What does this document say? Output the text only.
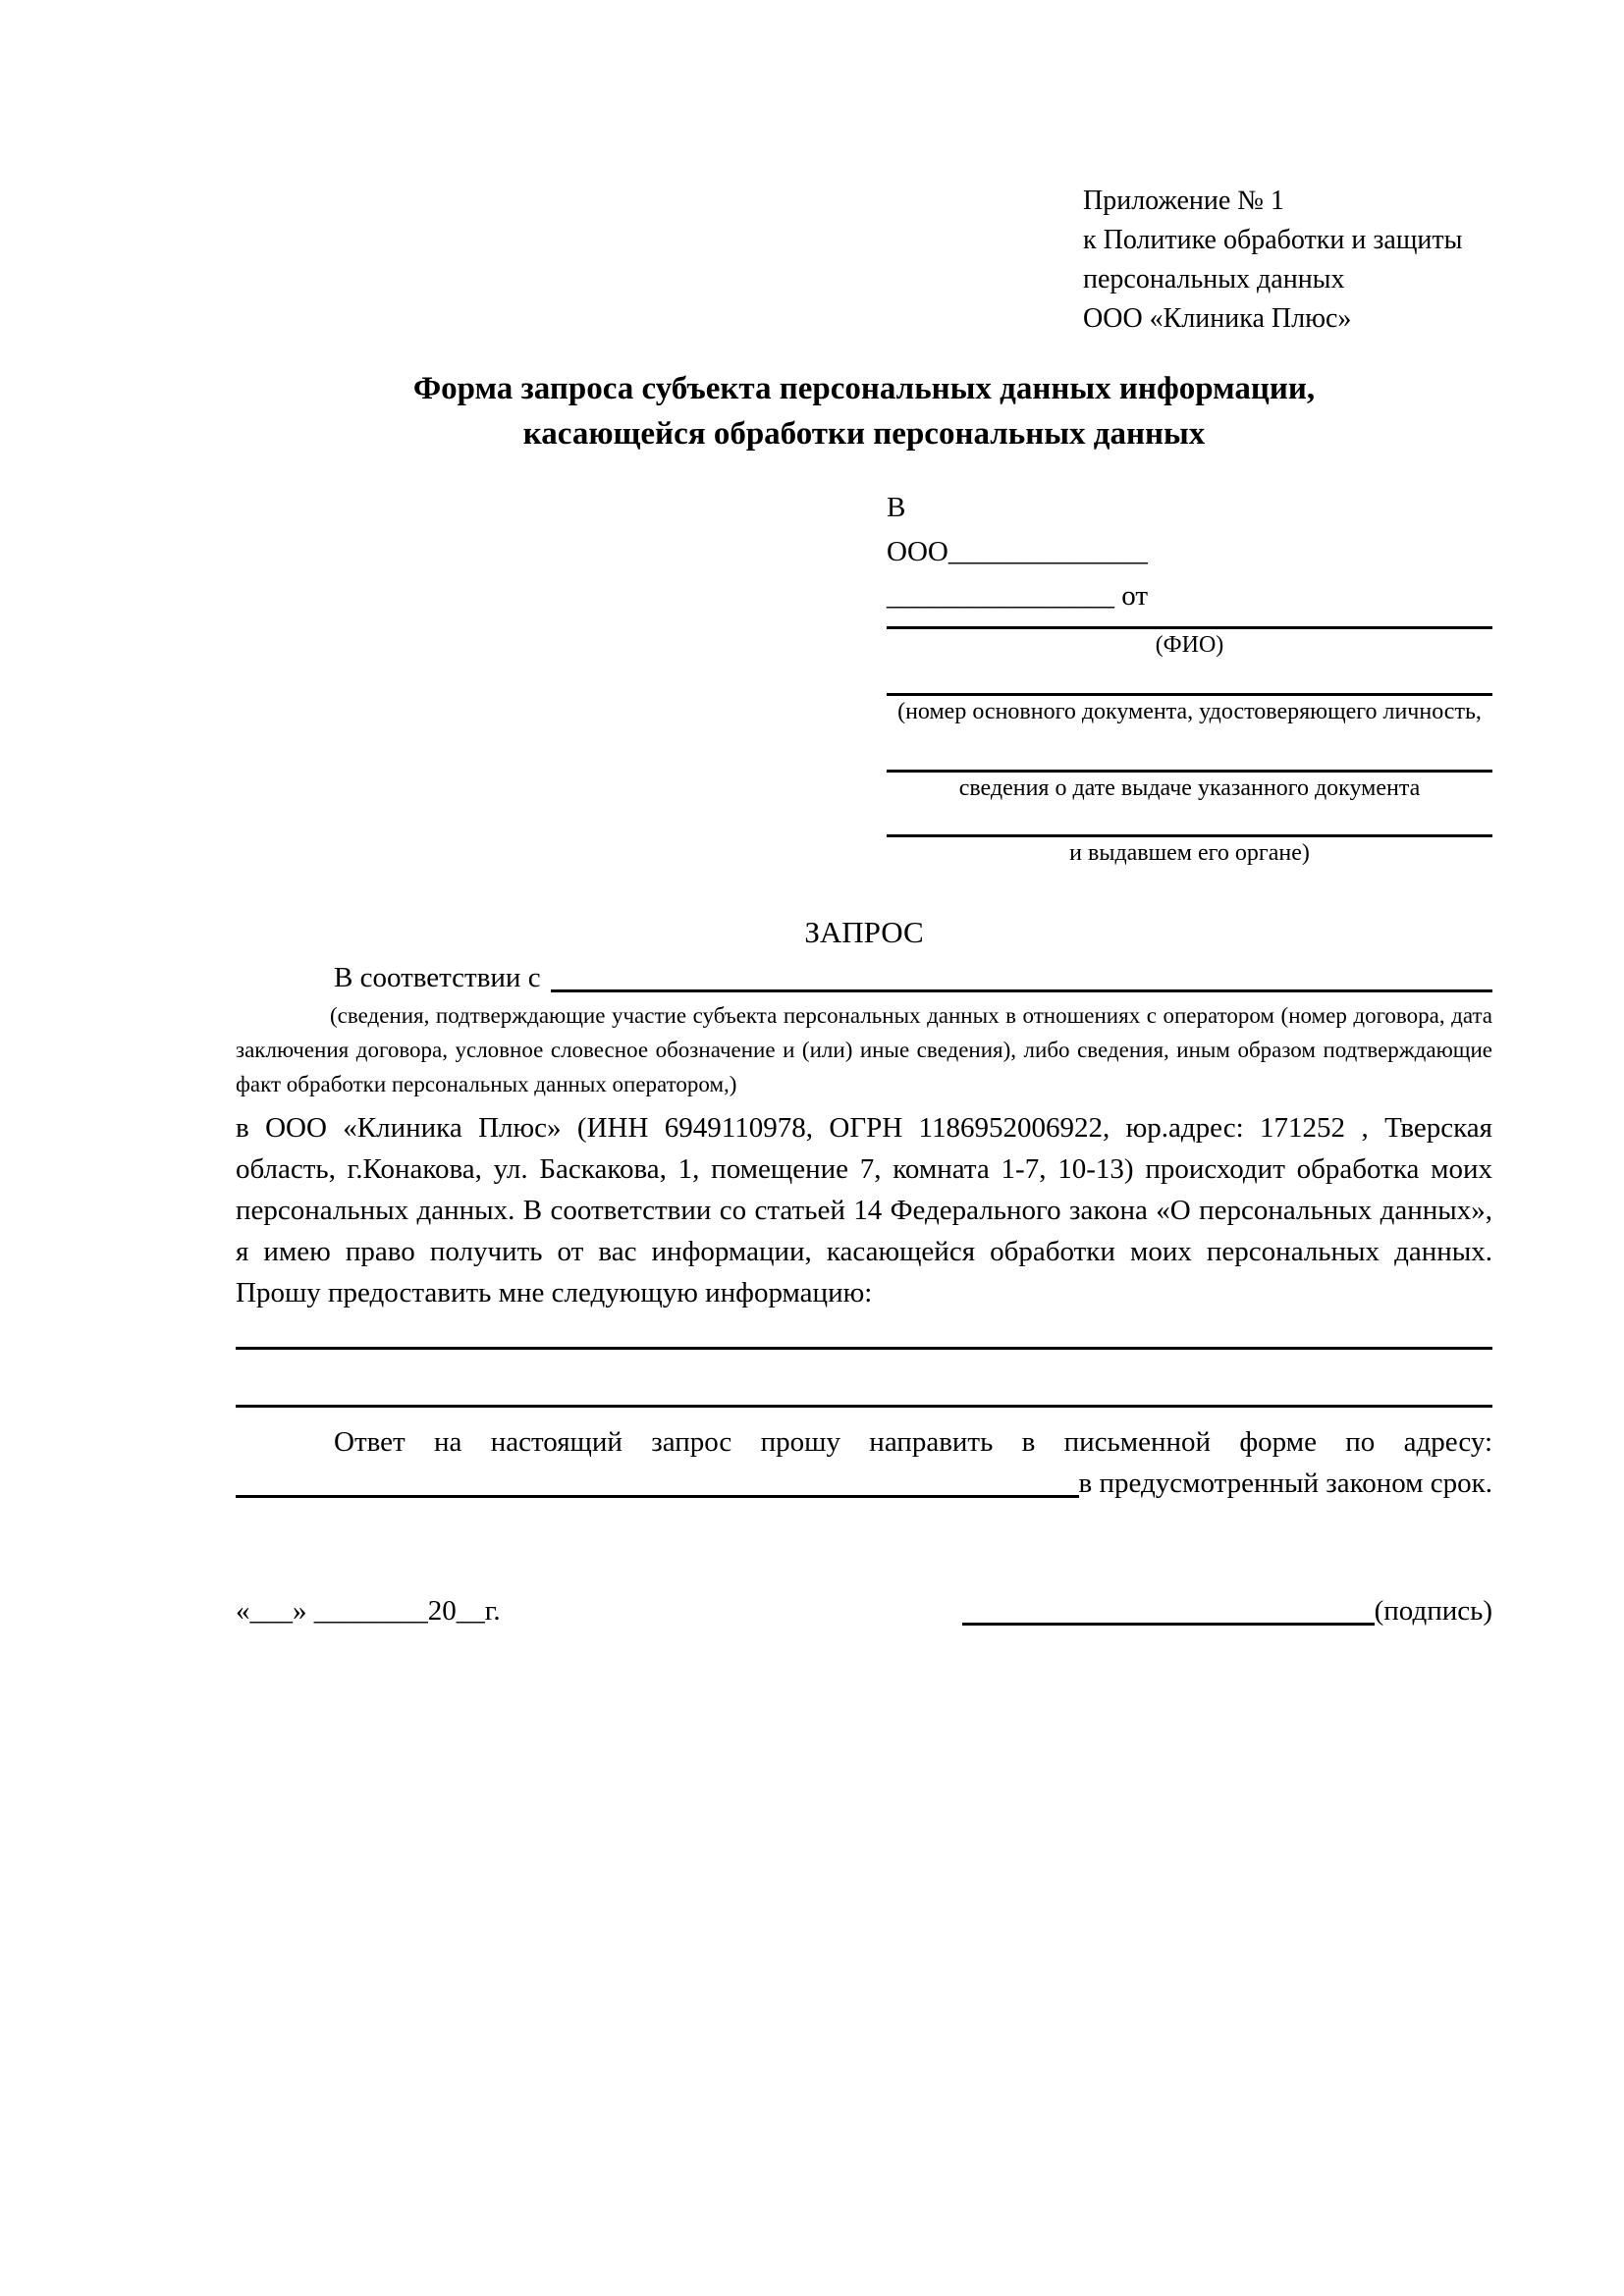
Приложение № 1
к Политике обработки и защиты
персональных данных
ООО «Клиника Плюс»
Форма запроса субъекта персональных данных информации,
касающейся обработки персональных данных
В
ООО______________
________________ от
(ФИО)
(номер основного документа, удостоверяющего личность,
сведения о дате выдаче указанного документа
и выдавшем его органе)
ЗАПРОС
В соответствии с
(сведения, подтверждающие участие субъекта персональных данных в отношениях с оператором (номер договора, дата заключения договора, условное словесное обозначение и (или) иные сведения), либо сведения, иным образом подтверждающие факт обработки персональных данных оператором,)
в ООО «Клиника Плюс» (ИНН 6949110978, ОГРН 1186952006922, юр.адрес: 171252 , Тверская область, г.Конакова, ул. Баскакова, 1, помещение 7, комната 1-7, 10-13) происходит обработка моих персональных данных. В соответствии со статьей 14 Федерального закона «О персональных данных», я имею право получить от вас информации, касающейся обработки моих персональных данных. Прошу предоставить мне следующую информацию:
Ответ на настоящий запрос прошу направить в письменной форме по адресу:
в предусмотренный законом срок.
«___» ________20__г.	(подпись)
